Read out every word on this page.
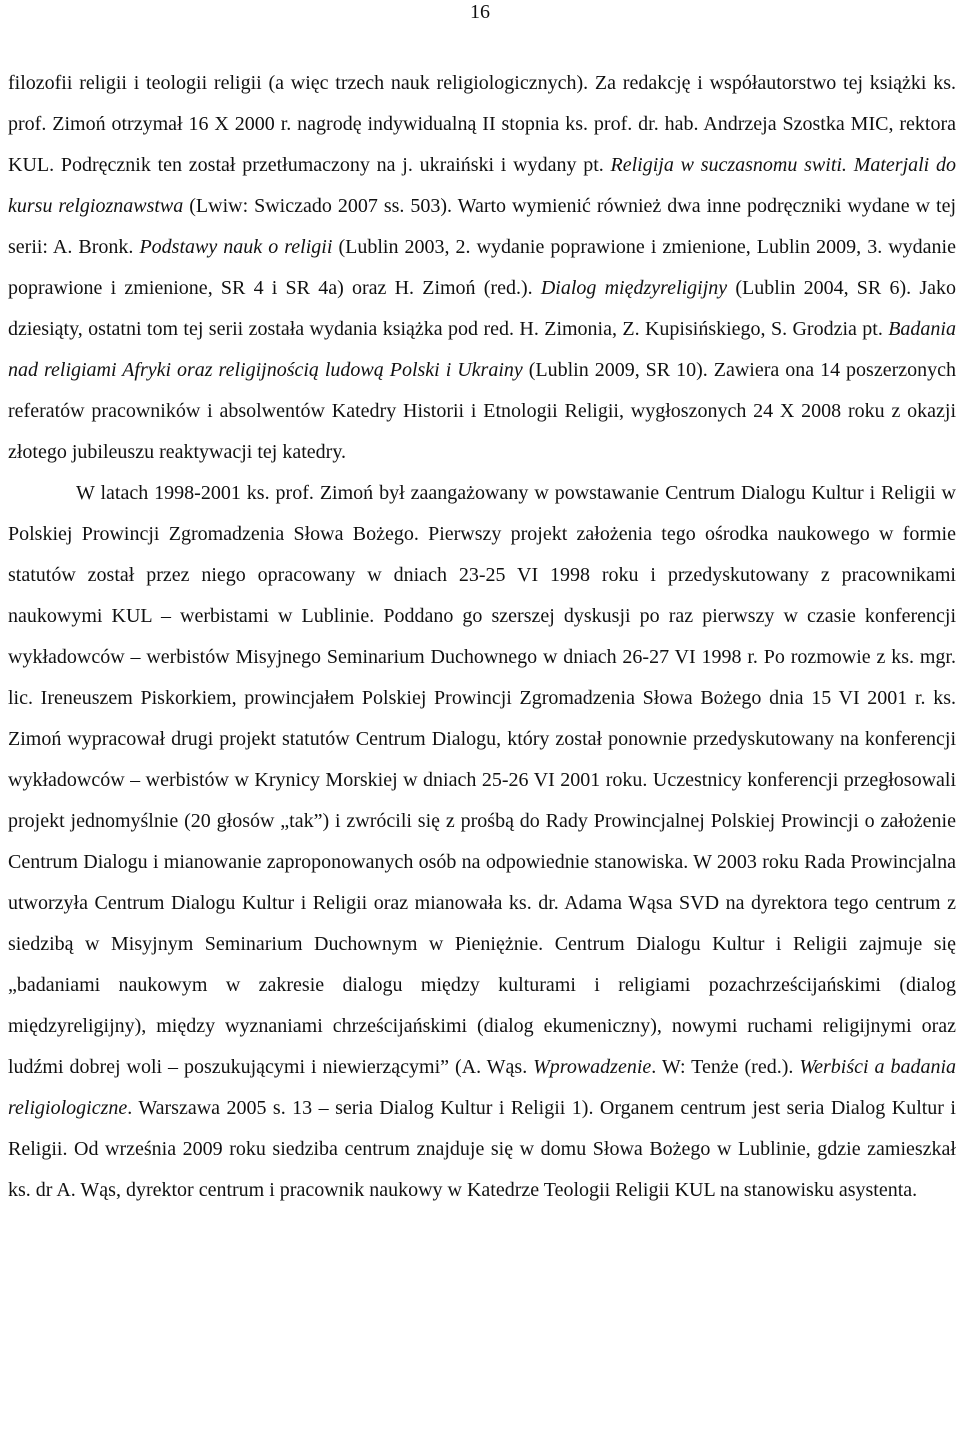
16

filozofii religii i teologii religii (a więc trzech nauk religiologicznych). Za redakcję i współautorstwo tej książki ks. prof. Zimoń otrzymał 16 X 2000 r. nagrodę indywidualną II stopnia ks. prof. dr. hab. Andrzeja Szostka MIC, rektora KUL. Podręcznik ten został przetłumaczony na j. ukraiński i wydany pt. Religija w suczasnomu switi. Materjali do kursu relgioznawstwa (Lwiw: Swiczado 2007 ss. 503). Warto wymienić również dwa inne podręczniki wydane w tej serii: A. Bronk. Podstawy nauk o religii (Lublin 2003, 2. wydanie poprawione i zmienione, Lublin 2009, 3. wydanie poprawione i zmienione, SR 4 i SR 4a) oraz H. Zimoń (red.). Dialog międzyreligijny (Lublin 2004, SR 6). Jako dziesiąty, ostatni tom tej serii została wydania książka pod red. H. Zimonia, Z. Kupisińskiego, S. Grodzia pt. Badania nad religiami Afryki oraz religijnością ludową Polski i Ukrainy (Lublin 2009, SR 10). Zawiera ona 14 poszerzonych referatów pracowników i absolwentów Katedry Historii i Etnologii Religii, wygłoszonych 24 X 2008 roku z okazji złotego jubileuszu reaktywacji tej katedry.

W latach 1998-2001 ks. prof. Zimoń był zaangażowany w powstawanie Centrum Dialogu Kultur i Religii w Polskiej Prowincji Zgromadzenia Słowa Bożego. Pierwszy projekt założenia tego ośrodka naukowego w formie statutów został przez niego opracowany w dniach 23-25 VI 1998 roku i przedyskutowany z pracownikami naukowymi KUL – werbistami w Lublinie. Poddano go szerszej dyskusji po raz pierwszy w czasie konferencji wykładowców – werbistów Misyjnego Seminarium Duchownego w dniach 26-27 VI 1998 r. Po rozmowie z ks. mgr. lic. Ireneuszem Piskorkiem, prowincjałem Polskiej Prowincji Zgromadzenia Słowa Bożego dnia 15 VI 2001 r. ks. Zimoń wypracował drugi projekt statutów Centrum Dialogu, który został ponownie przedyskutowany na konferencji wykładowców – werbistów w Krynicy Morskiej w dniach 25-26 VI 2001 roku. Uczestnicy konferencji przegłosowali projekt jednomyślnie (20 głosów „tak”) i zwrócili się z prośbą do Rady Prowincjalnej Polskiej Prowincji o założenie Centrum Dialogu i mianowanie zaproponowanych osób na odpowiednie stanowiska. W 2003 roku Rada Prowincjalna utworzyła Centrum Dialogu Kultur i Religii oraz mianowała ks. dr. Adama Wąsa SVD na dyrektora tego centrum z siedzibą w Misyjnym Seminarium Duchownym w Pieniężnie. Centrum Dialogu Kultur i Religii zajmuje się „badaniami naukowym w zakresie dialogu między kulturami i religiami pozachrześcijańskimi (dialog międzyreligijny), między wyznaniami chrześcijańskimi (dialog ekumeniczny), nowymi ruchami religijnymi oraz ludźmi dobrej woli – poszukującymi i niewierzącymi” (A. Wąs. Wprowadzenie. W: Tenże (red.). Werbiści a badania religiologiczne. Warszawa 2005 s. 13 – seria Dialog Kultur i Religii 1). Organem centrum jest seria Dialog Kultur i Religii. Od września 2009 roku siedziba centrum znajduje się w domu Słowa Bożego w Lublinie, gdzie zamieszkał ks. dr A. Wąs, dyrektor centrum i pracownik naukowy w Katedrze Teologii Religii KUL na stanowisku asystenta.
